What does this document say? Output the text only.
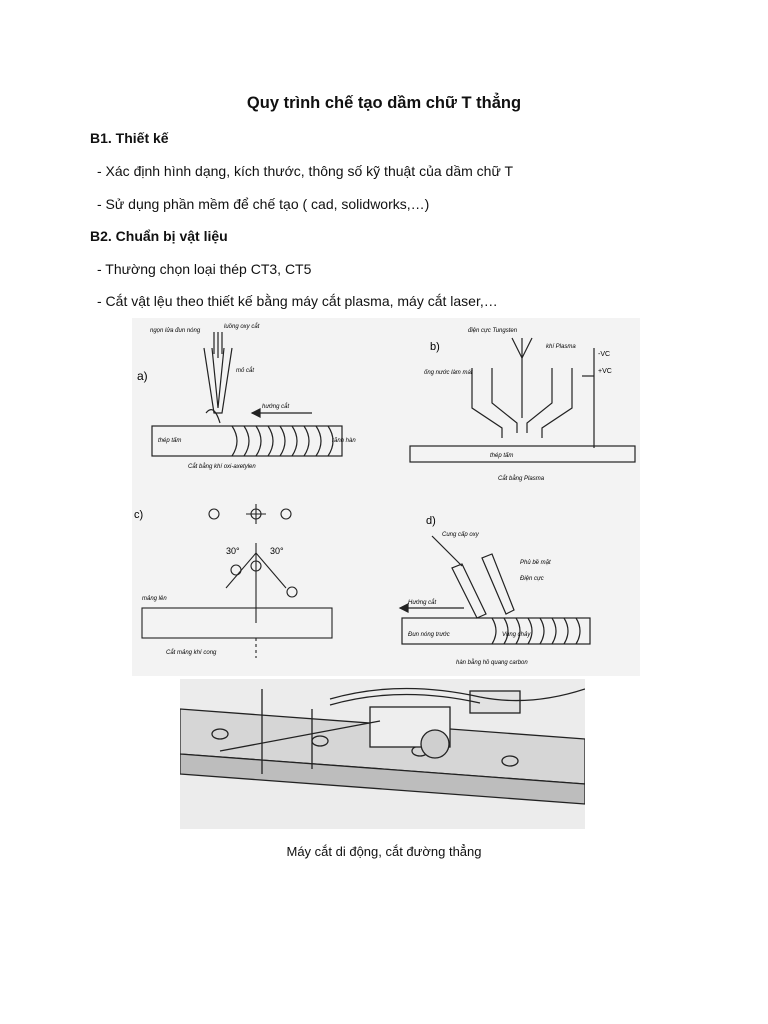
Quy trình chế tạo dầm chữ T thẳng
B1. Thiết kế
- Xác định hình dạng, kích thước, thông số kỹ thuật của dầm chữ T
- Sử dụng phần mềm để chế tạo ( cad, solidworks,…)
B2. Chuẩn bị vật liệu
- Thường chọn loại thép CT3, CT5
- Cắt vật lệu theo thiết kế bằng máy cắt plasma, máy cắt laser,…
a)
ngọn lửa đun nóng
luồng oxy cắt
mỏ cắt
hướng cắt
thép tấm	rãnh hàn
Cắt bằng khí oxi-axetylen
b)
điện cực Tungsten
khí Plasma
ống nước làm mát
-VC
+VC
thép tấm
Cắt bằng Plasma
c)
30°	30°
mảng lên
Cắt mảng khí cong
d)
Cung cấp oxy
Phủ bề mặt
Điện cực
Hướng cắt
Đun nóng trước	Vùng chảy
hàn bằng hồ quang carbon
Máy cắt di động, cắt đường thẳng
